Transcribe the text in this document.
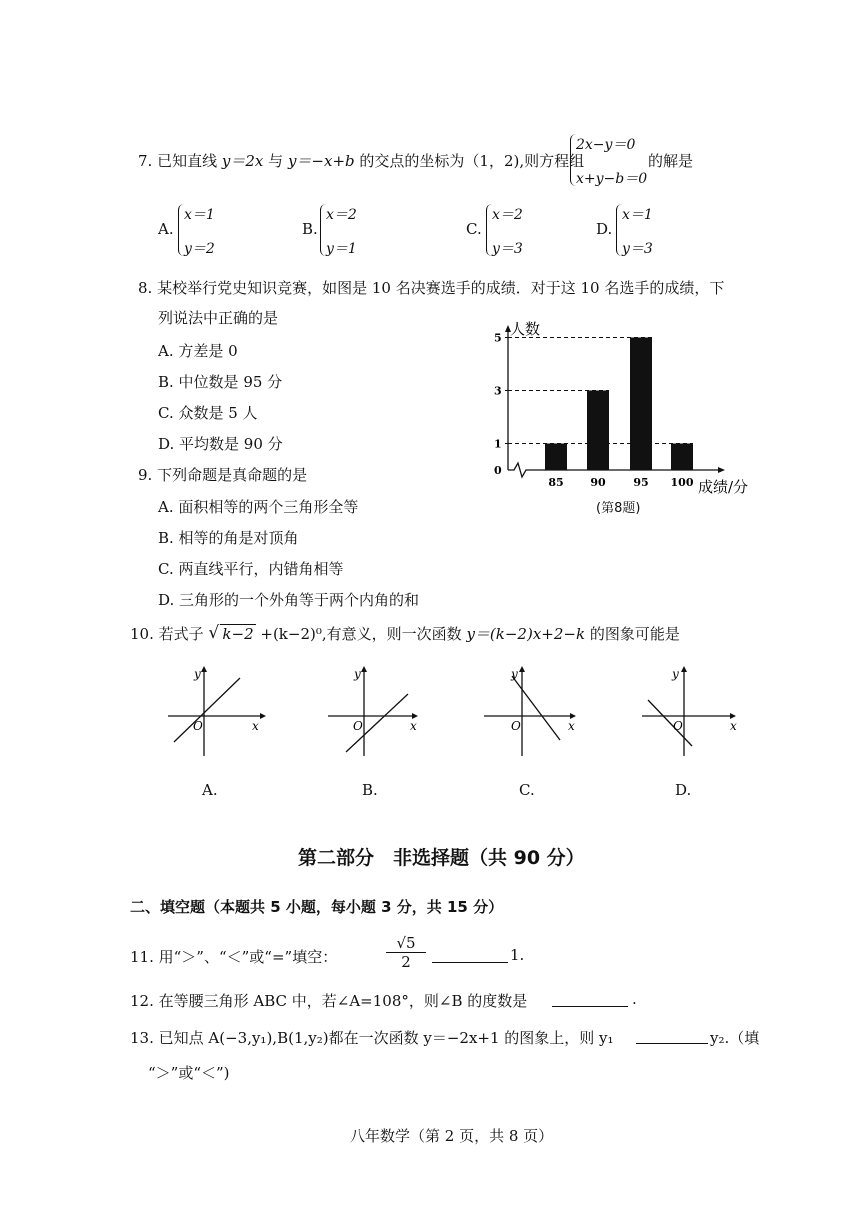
7. 已知直线 y＝2x 与 y＝−x+b 的交点的坐标为（1，2),则方程组
2x−y＝0
x+y−b＝0
的解是
A.
x＝1
y＝2
B.
x＝2
y＝1
C.
x＝2
y＝3
D.
x＝1
y＝3
8. 某校举行党史知识竞赛，如图是 10 名决赛选手的成绩．对于这 10 名选手的成绩，下
列说法中正确的是
A. 方差是 0
B. 中位数是 95 分
C. 众数是 5 人
D. 平均数是 90 分
人数
成绩/分
0
1
3
5
85 90	95 100
(第8题)
9. 下列命题是真命题的是
A. 面积相等的两个三角形全等
B. 相等的角是对顶角
C. 两直线平行，内错角相等
D. 三角形的一个外角等于两个内角的和
10. 若式子 √ k−2 +(k−2)⁰,有意义，则一次函数 y＝(k−2)x+2−k 的图象可能是
y
x
O
y
x
O
y
x
O
y
x
O
A.	B.	C.	D.
第二部分　非选择题（共 90 分）
二、填空题（本题共 5 小题，每小题 3 分，共 15 分）
11. 用“＞”、“＜”或“=”填空：	$\frac{√5}{2}$	1.
12. 在等腰三角形 ABC 中，若∠A=108°，则∠B 的度数是	.
13. 已知点 A(−3,y₁),B(1,y₂)都在一次函数 y＝−2x+1 的图象上，则 y₁	y₂.（填
“＞”或“＜”)
八年数学（第 2 页，共 8 页）
